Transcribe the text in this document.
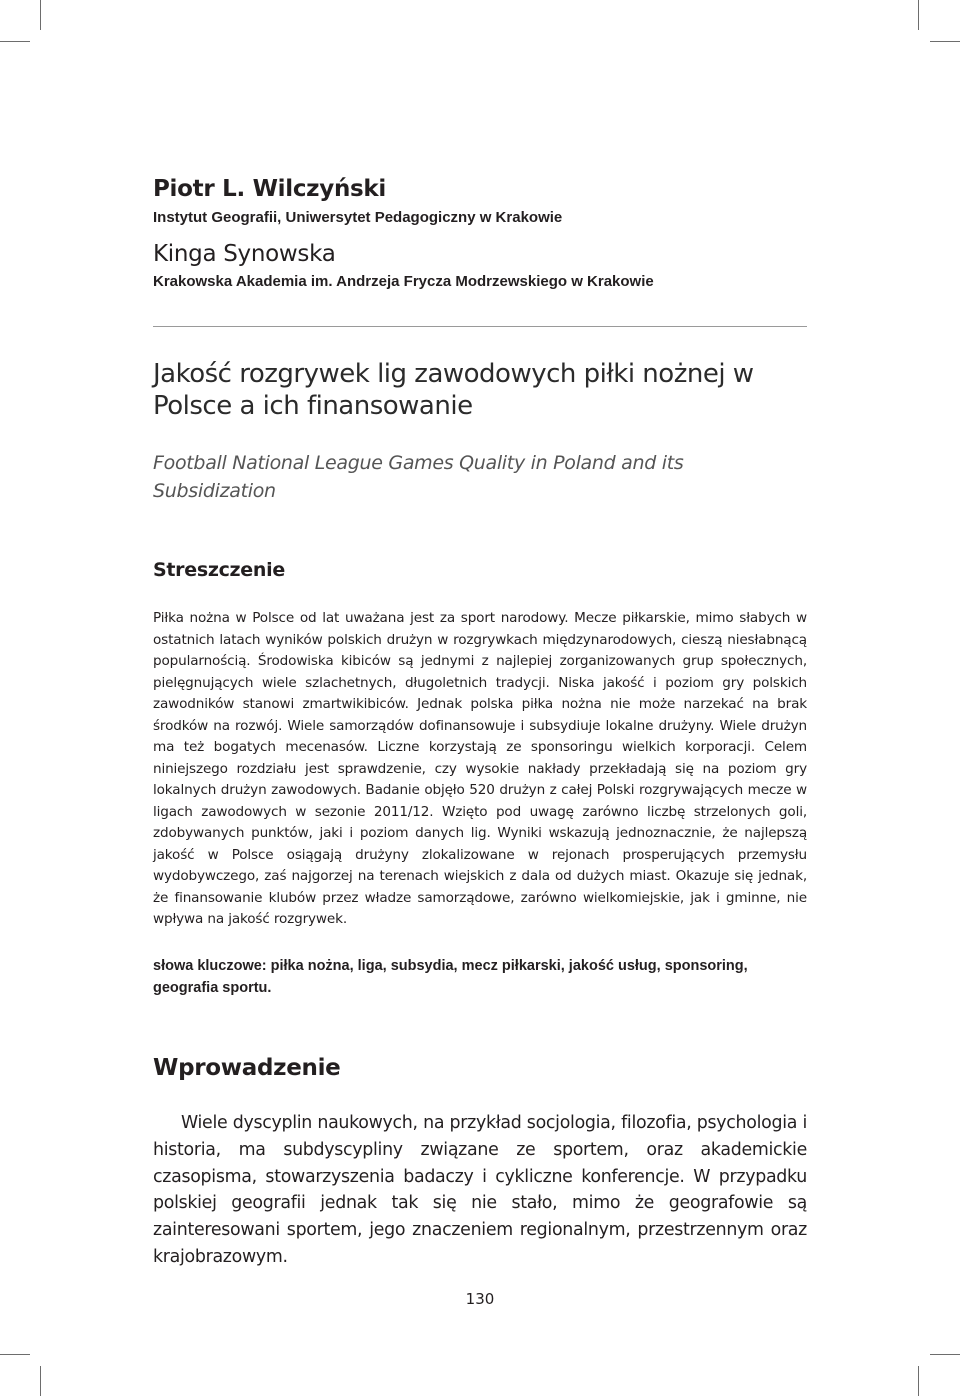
Piotr L. Wilczyński
Instytut Geografii, Uniwersytet Pedagogiczny w Krakowie
Kinga Synowska
Krakowska Akademia im. Andrzeja Frycza Modrzewskiego w Krakowie
Jakość rozgrywek lig zawodowych piłki nożnej w Polsce a ich finansowanie
Football National League Games Quality in Poland and its Subsidization
Streszczenie

Piłka nożna w Polsce od lat uważana jest za sport narodowy. Mecze piłkarskie, mimo słabych w ostatnich latach wyników polskich drużyn w rozgrywkach międzynarodowych, cieszą niesłabnącą popularnością. Środowiska kibiców są jednymi z najlepiej zorganizowanych grup społecznych, pielęgnujących wiele szlachetnych, długoletnich tradycji. Niska jakość i poziom gry polskich zawodników stanowi zmartwikibiców. Jednak polska piłka nożna nie może narzekać na brak środków na rozwój. Wiele samorządów dofinansowuje i subsydiuje lokalne drużyny. Wiele drużyn ma też bogatych mecenasów. Liczne korzystają ze sponsoringu wielkich korporacji. Celem niniejszego rozdziału jest sprawdzenie, czy wysokie nakłady przekładają się na poziom gry lokalnych drużyn zawodowych. Badanie objęło 520 drużyn z całej Polski rozgrywających mecze w ligach zawodowych w sezonie 2011/12. Wzięto pod uwagę zarówno liczbę strzelonych goli, zdobywanych punktów, jaki i poziom danych lig. Wyniki wskazują jednoznacznie, że najlepszą jakość w Polsce osiągają drużyny zlokalizowane w rejonach prosperujących przemysłu wydobywczego, zaś najgorzej na terenach wiejskich z dala od dużych miast. Okazuje się jednak, że finansowanie klubów przez władze samorządowe, zarówno wielkomiejskie, jak i gminne, nie wpływa na jakość rozgrywek.

słowa kluczowe: piłka nożna, liga, subsydia, mecz piłkarski, jakość usług, sponsoring, geografia sportu.

Wprowadzenie

Wiele dyscyplin naukowych, na przykład socjologia, filozofia, psychologia i historia, ma subdyscypliny związane ze sportem, oraz akademickie czasopisma, stowarzyszenia badaczy i cykliczne konferencje. W przypadku polskiej geografii jednak tak się nie stało, mimo że geografowie są zainteresowani sportem, jego znaczeniem regionalnym, przestrzennym oraz krajobrazowym.

130
